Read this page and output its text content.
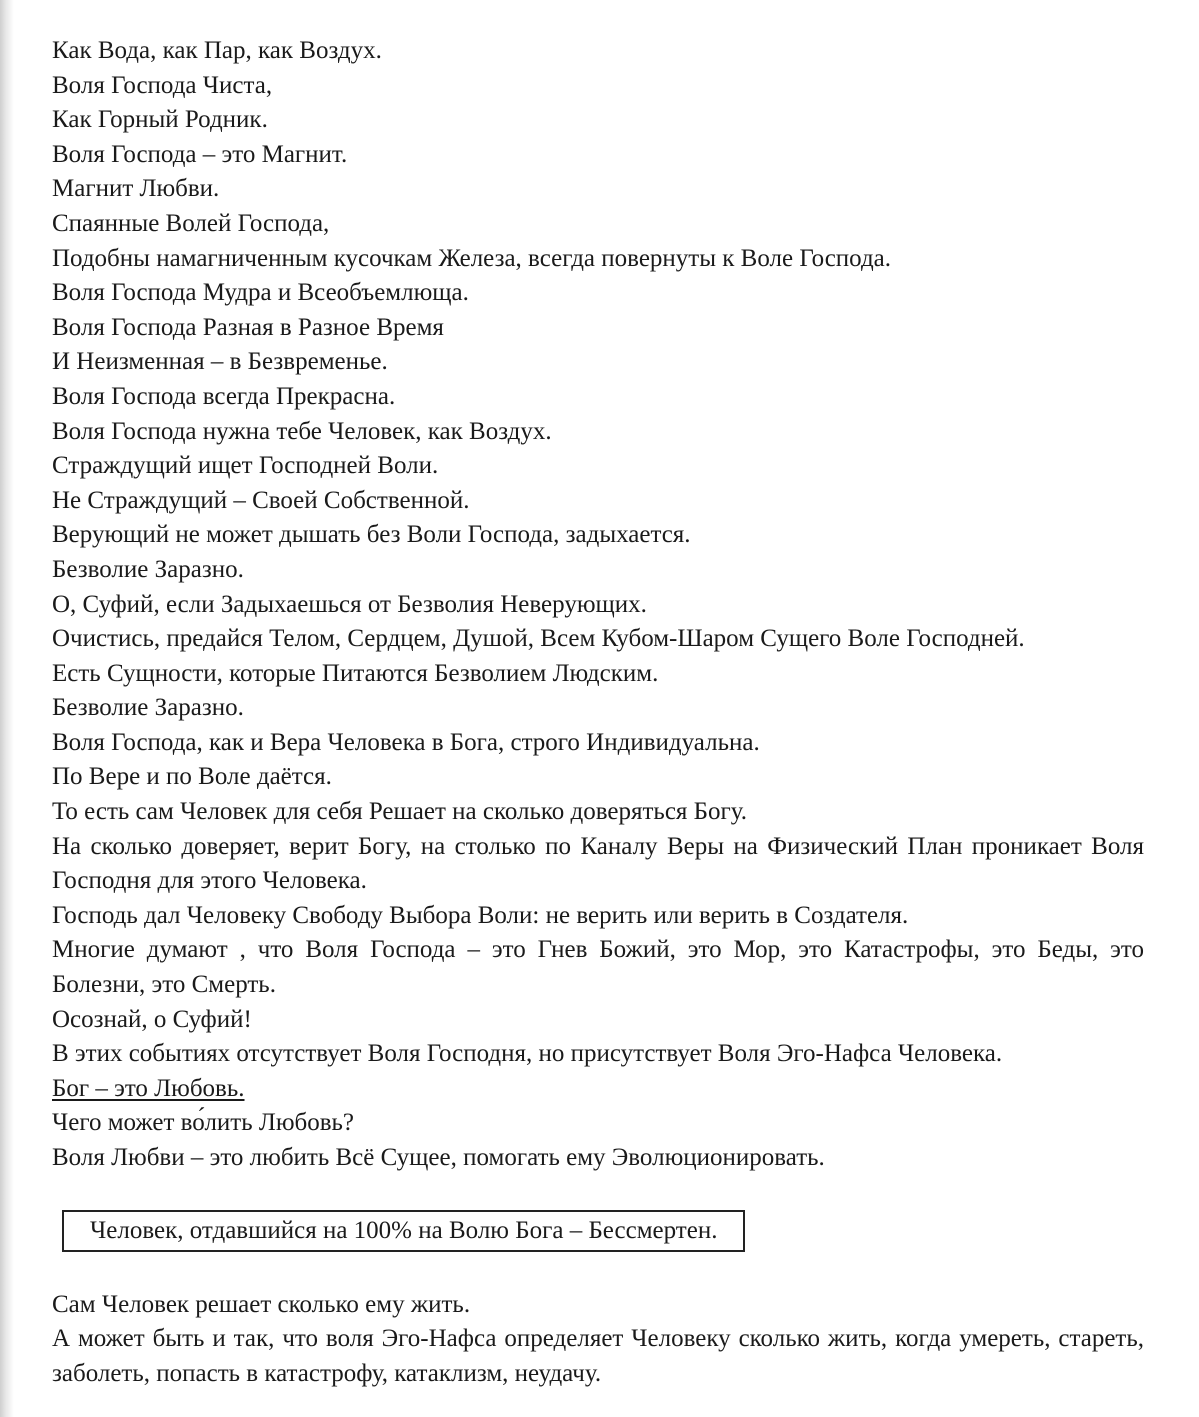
Как Вода, как Пар, как Воздух.

Воля Господа Чиста,

Как Горный Родник.

Воля Господа – это Магнит.

Магнит Любви.

Спаянные Волей Господа,

Подобны намагниченным кусочкам Железа, всегда повернуты к Воле Господа.

Воля Господа Мудра и Всеобъемлюща.

Воля Господа Разная в Разное Время

И Неизменная – в Безвременье.

Воля Господа всегда Прекрасна.

Воля Господа нужна тебе Человек, как Воздух.

Страждущий ищет Господней Воли.

Не Страждущий – Своей Собственной.

Верующий не может дышать без Воли Господа, задыхается.

Безволие Заразно.

О, Суфий, если Задыхаешься от Безволия Неверующих.

Очистись, предайся Телом, Сердцем, Душой, Всем Кубом-Шаром Сущего Воле Господней.

Есть Сущности, которые Питаются Безволием Людским.

Безволие Заразно.

Воля Господа, как и Вера Человека в Бога, строго Индивидуальна.

По Вере и по Воле даётся.

То есть сам Человек для себя Решает на сколько доверяться Богу.

На сколько доверяет, верит Богу, на столько по Каналу Веры на Физический План проникает Воля Господня для этого Человека.

Господь дал Человеку Свободу Выбора Воли: не верить или верить в Создателя.

Многие думают , что Воля Господа – это Гнев Божий, это Мор, это Катастрофы, это Беды, это Болезни, это Смерть.

Осознай, о Суфий!

В этих событиях отсутствует Воля Господня, но присутствует Воля Эго-Нафса Человека.

Бог – это Любовь.

Чего может во́лить Любовь?

Воля Любви – это любить Всё Сущее, помогать ему Эволюционировать.

Человек, отдавшийся на 100% на Волю Бога – Бессмертен.

Сам Человек решает сколько ему жить.

А может быть и так, что воля Эго-Нафса определяет Человеку сколько жить, когда умереть, стареть, заболеть, попасть в катастрофу, катаклизм, неудачу.
